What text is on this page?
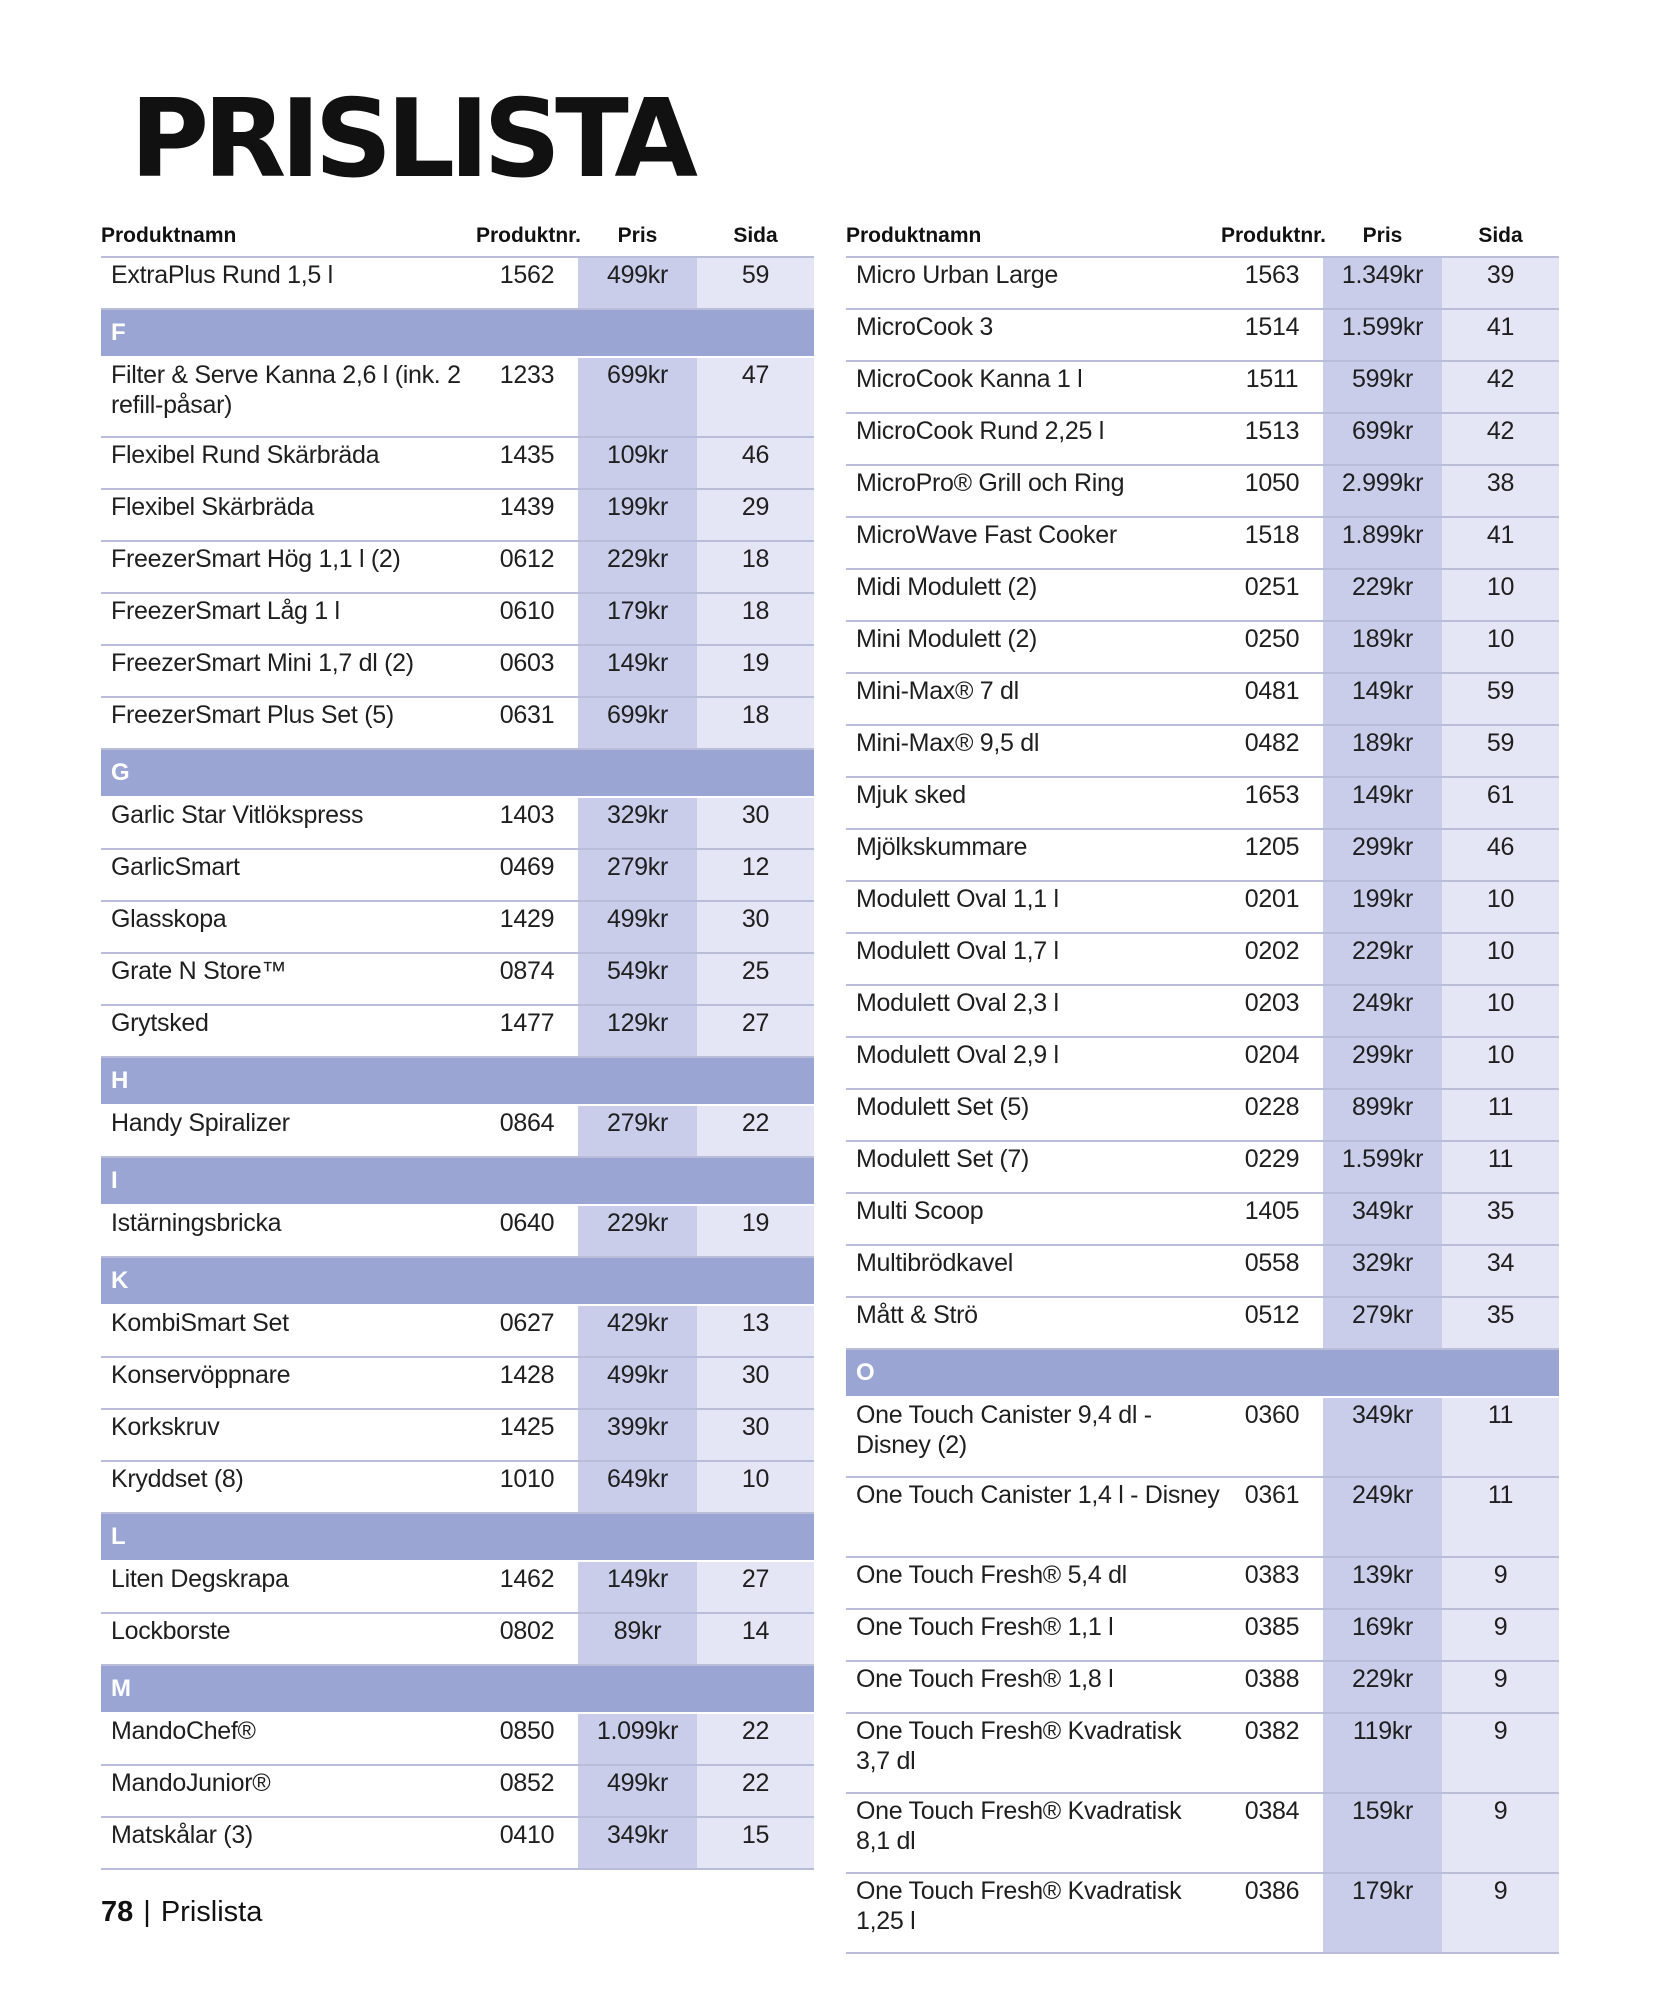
PRISLISTA
Produktnamn	Produktnr.	Pris	Sida
ExtraPlus Rund 1,5 l	1562	499kr	59
F			
Filter & Serve Kanna 2,6 l (ink. 2 refill-påsar)	1233	699kr	47
Flexibel Rund Skärbräda	1435	109kr	46
Flexibel Skärbräda	1439	199kr	29
FreezerSmart Hög 1,1 l (2)	0612	229kr	18
FreezerSmart Låg 1 l	0610	179kr	18
FreezerSmart Mini 1,7 dl (2)	0603	149kr	19
FreezerSmart Plus Set (5)	0631	699kr	18
G			
Garlic Star Vitlökspress	1403	329kr	30
GarlicSmart	0469	279kr	12
Glasskopa	1429	499kr	30
Grate N Store™	0874	549kr	25
Grytsked	1477	129kr	27
H			
Handy Spiralizer	0864	279kr	22
I			
Istärningsbricka	0640	229kr	19
K			
KombiSmart Set	0627	429kr	13
Konservöppnare	1428	499kr	30
Korkskruv	1425	399kr	30
Kryddset (8)	1010	649kr	10
L			
Liten Degskrapa	1462	149kr	27
Lockborste	0802	89kr	14
M			
MandoChef®	0850	1.099kr	22
MandoJunior®	0852	499kr	22
Matskålar (3)	0410	349kr	15
Produktnamn	Produktnr.	Pris	Sida
Micro Urban Large	1563	1.349kr	39
MicroCook 3	1514	1.599kr	41
MicroCook Kanna 1 l	1511	599kr	42
MicroCook Rund 2,25 l	1513	699kr	42
MicroPro® Grill och Ring	1050	2.999kr	38
MicroWave Fast Cooker	1518	1.899kr	41
Midi Modulett (2)	0251	229kr	10
Mini Modulett (2)	0250	189kr	10
Mini-Max® 7 dl	0481	149kr	59
Mini-Max® 9,5 dl	0482	189kr	59
Mjuk sked	1653	149kr	61
Mjölkskummare	1205	299kr	46
Modulett Oval 1,1 l	0201	199kr	10
Modulett Oval 1,7 l	0202	229kr	10
Modulett Oval 2,3 l	0203	249kr	10
Modulett Oval 2,9 l	0204	299kr	10
Modulett Set (5)	0228	899kr	11
Modulett Set (7)	0229	1.599kr	11
Multi Scoop	1405	349kr	35
Multibrödkavel	0558	329kr	34
Mått & Strö	0512	279kr	35
O			
One Touch Canister 9,4 dl - Disney (2)	0360	349kr	11
One Touch Canister 1,4 l - Disney	0361	249kr	11
One Touch Fresh® 5,4 dl	0383	139kr	9
One Touch Fresh® 1,1 l	0385	169kr	9
One Touch Fresh® 1,8 l	0388	229kr	9
One Touch Fresh® Kvadratisk 3,7 dl	0382	119kr	9
One Touch Fresh® Kvadratisk 8,1 dl	0384	159kr	9
One Touch Fresh® Kvadratisk 1,25 l	0386	179kr	9
78 | Prislista
